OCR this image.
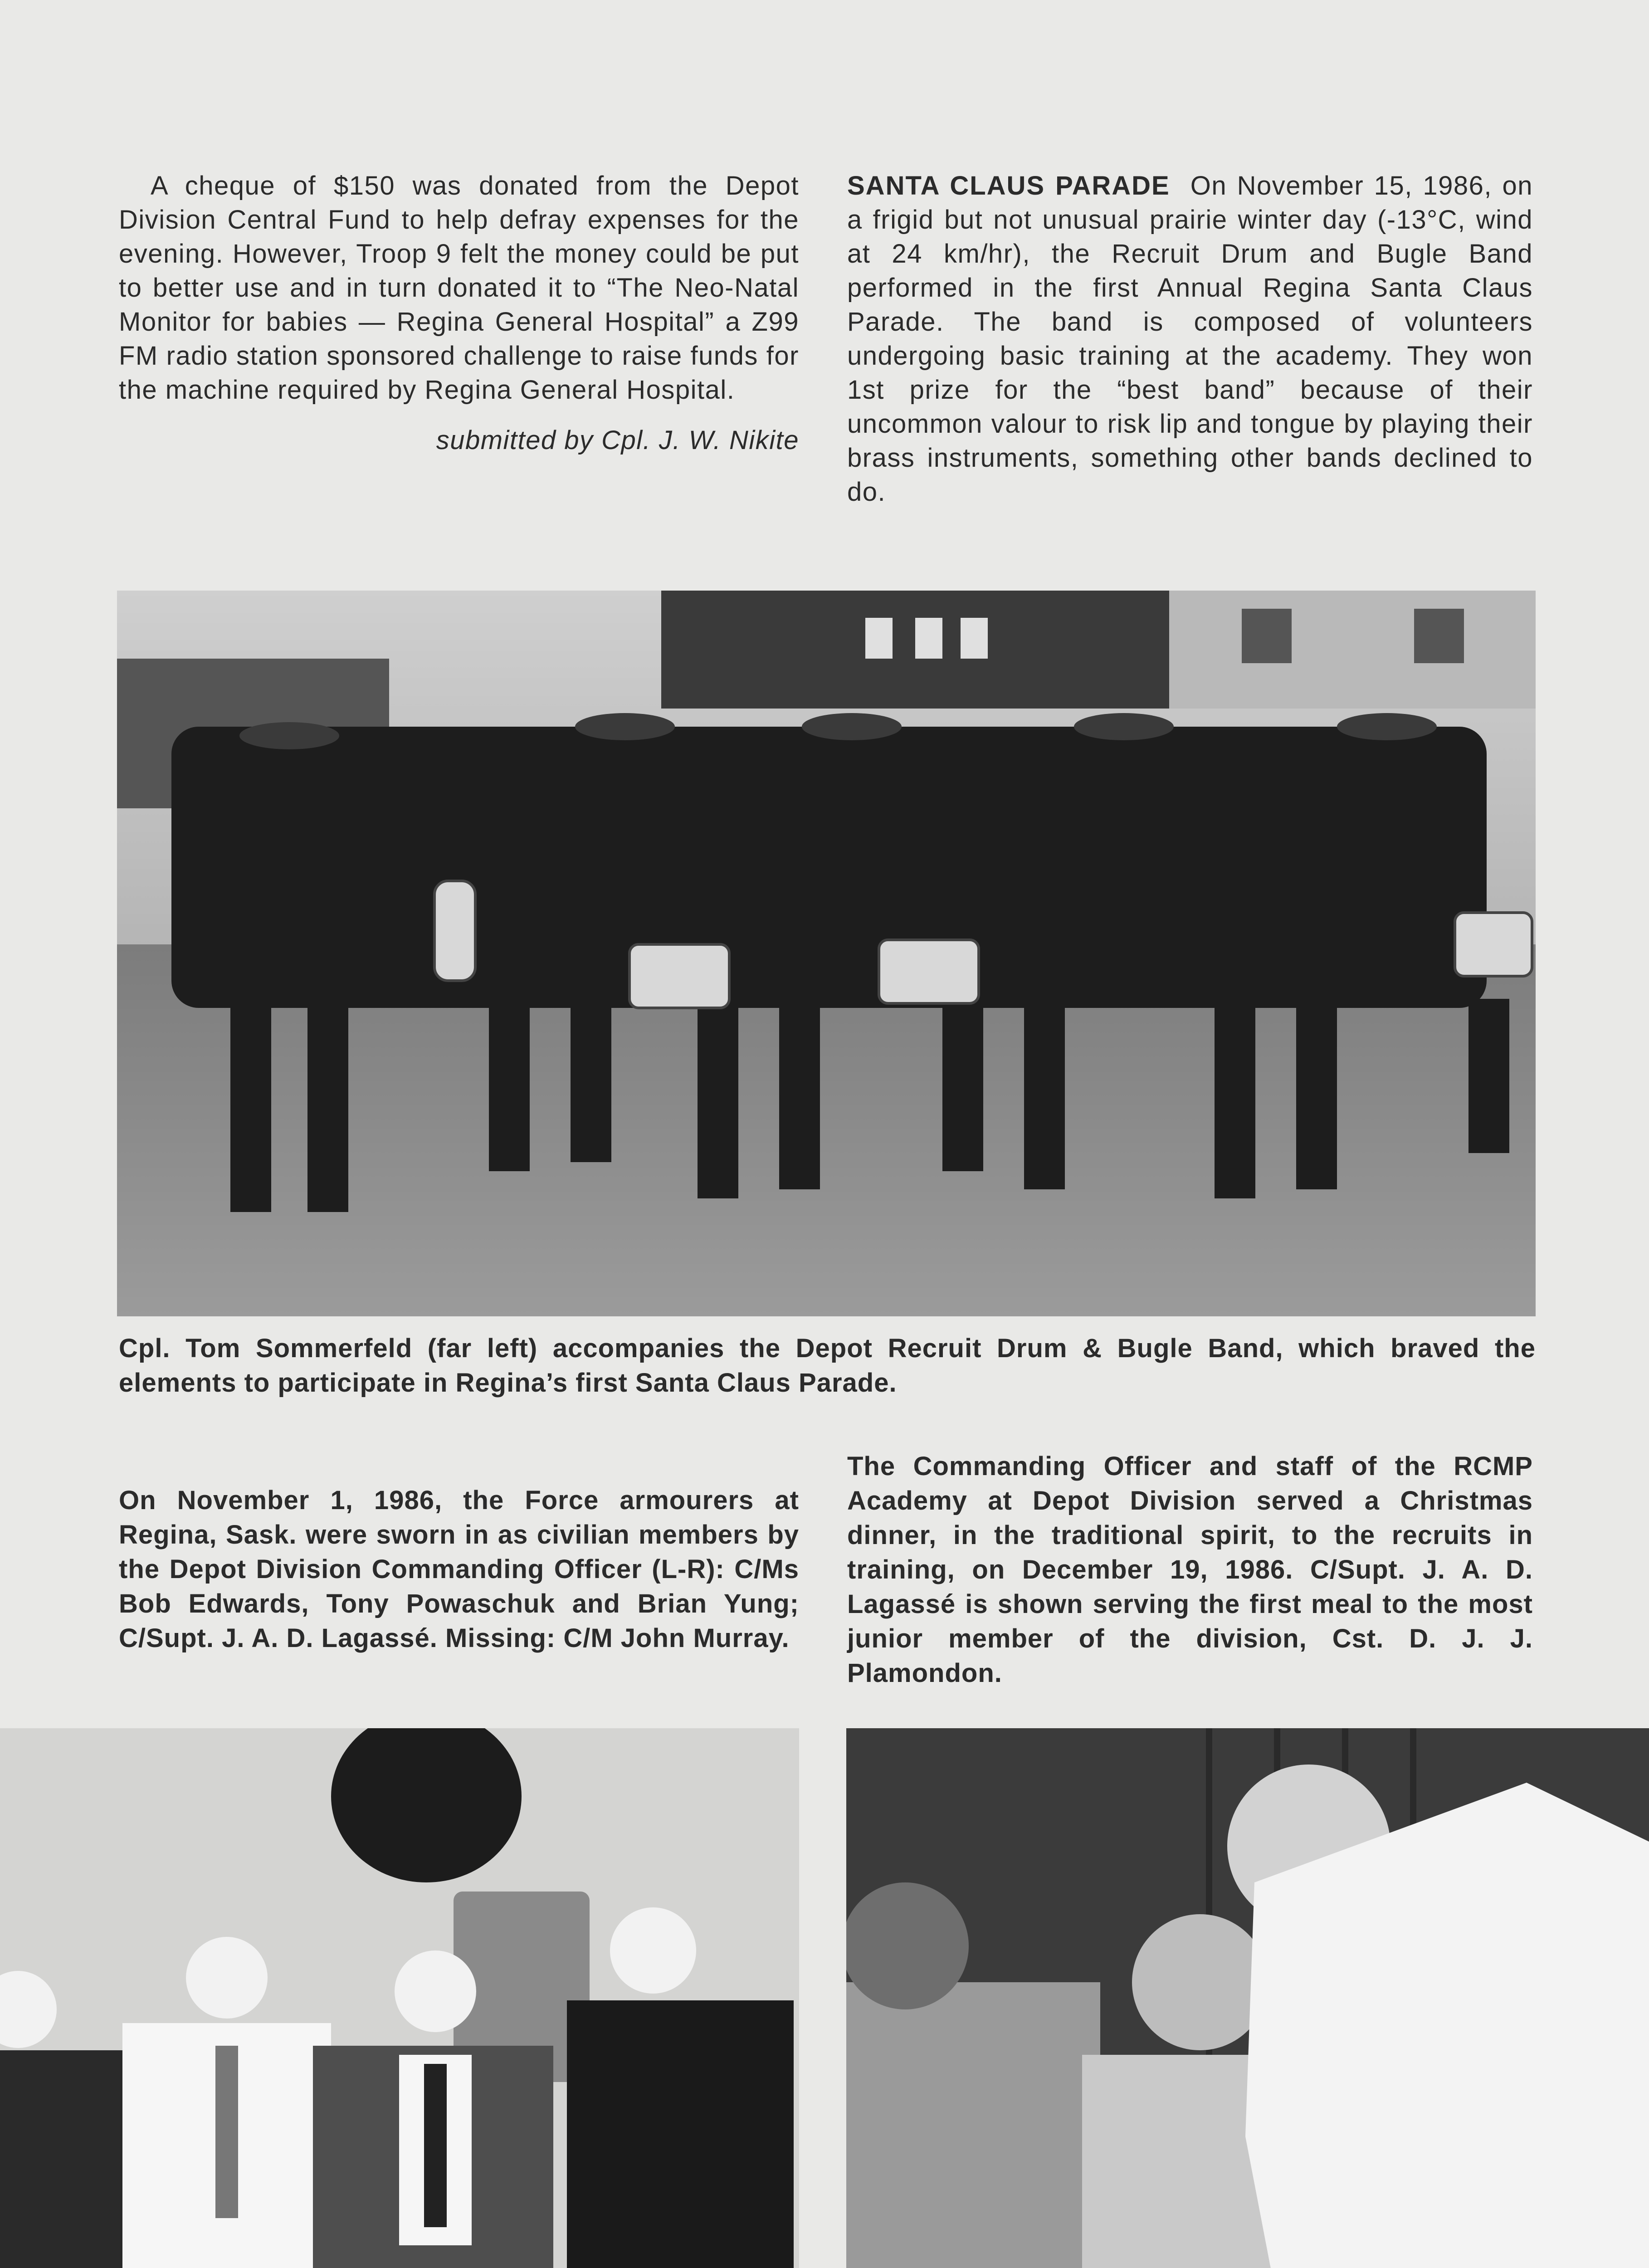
A cheque of $150 was donated from the Depot Division Central Fund to help defray expenses for the evening. However, Troop 9 felt the money could be put to better use and in turn donated it to “The Neo-Natal Monitor for babies — Regina General Hospital” a Z99 FM radio station sponsored challenge to raise funds for the machine required by Regina General Hospital.

submitted by Cpl. J. W. Nikite

SANTA CLAUS PARADE On November 15, 1986, on a frigid but not unusual prairie winter day (-13°C, wind at 24 km/hr), the Recruit Drum and Bugle Band performed in the first Annual Regina Santa Claus Parade. The band is composed of volunteers undergoing basic training at the academy. They won 1st prize for the “best band” because of their uncommon valour to risk lip and tongue by playing their brass instruments, something other bands declined to do.

Cpl. Tom Sommerfeld (far left) accompanies the Depot Recruit Drum & Bugle Band, which braved the elements to participate in Regina’s first Santa Claus Parade.

On November 1, 1986, the Force armourers at Regina, Sask. were sworn in as civilian members by the Depot Division Commanding Officer (L-R): C/Ms Bob Edwards, Tony Powaschuk and Brian Yung; C/Supt. J. A. D. Lagassé. Missing: C/M John Murray.

The Commanding Officer and staff of the RCMP Academy at Depot Division served a Christmas dinner, in the traditional spirit, to the recruits in training, on December 19, 1986. C/Supt. J. A. D. Lagassé is shown serving the first meal to the most junior member of the division, Cst. D. J. J. Plamondon.
